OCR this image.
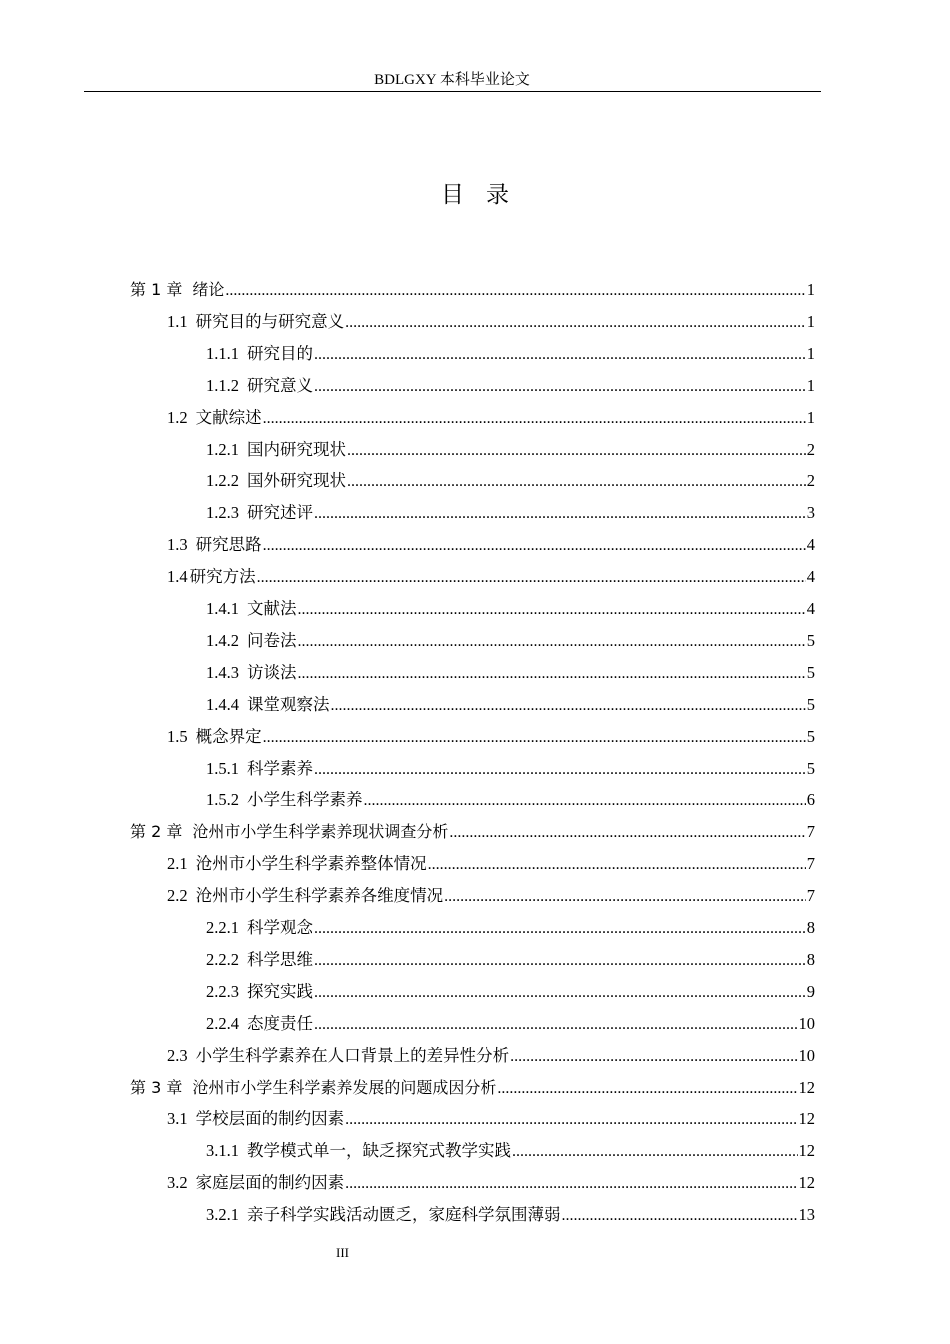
BDLGXY 本科毕业论文
目录
第 1 章 绪论 .....	1
1.1 研究目的与研究意义 .....	1
1.1.1 研究目的 .....	1
1.1.2 研究意义 .....	1
1.2 文献综述 .....	1
1.2.1 国内研究现状 .....	2
1.2.2 国外研究现状 .....	2
1.2.3 研究述评 .....	3
1.3 研究思路 .....	4
1.4 研究方法 .....	4
1.4.1 文献法 .....	4
1.4.2 问卷法 .....	5
1.4.3 访谈法 .....	5
1.4.4 课堂观察法 .....	5
1.5 概念界定 .....	5
1.5.1 科学素养 .....	5
1.5.2 小学生科学素养 .....	6
第 2 章 沧州市小学生科学素养现状调查分析 .....	7
2.1 沧州市小学生科学素养整体情况 .....	7
2.2 沧州市小学生科学素养各维度情况 .....	7
2.2.1 科学观念 .....	8
2.2.2 科学思维 .....	8
2.2.3 探究实践 .....	9
2.2.4 态度责任 .....	10
2.3 小学生科学素养在人口背景上的差异性分析 .....	10
第 3 章 沧州市小学生科学素养发展的问题成因分析 .....	12
3.1 学校层面的制约因素 .....	12
3.1.1 教学模式单一，缺乏探究式教学实践 .....	12
3.2 家庭层面的制约因素 .....	12
3.2.1 亲子科学实践活动匮乏，家庭科学氛围薄弱 .....	13
III
